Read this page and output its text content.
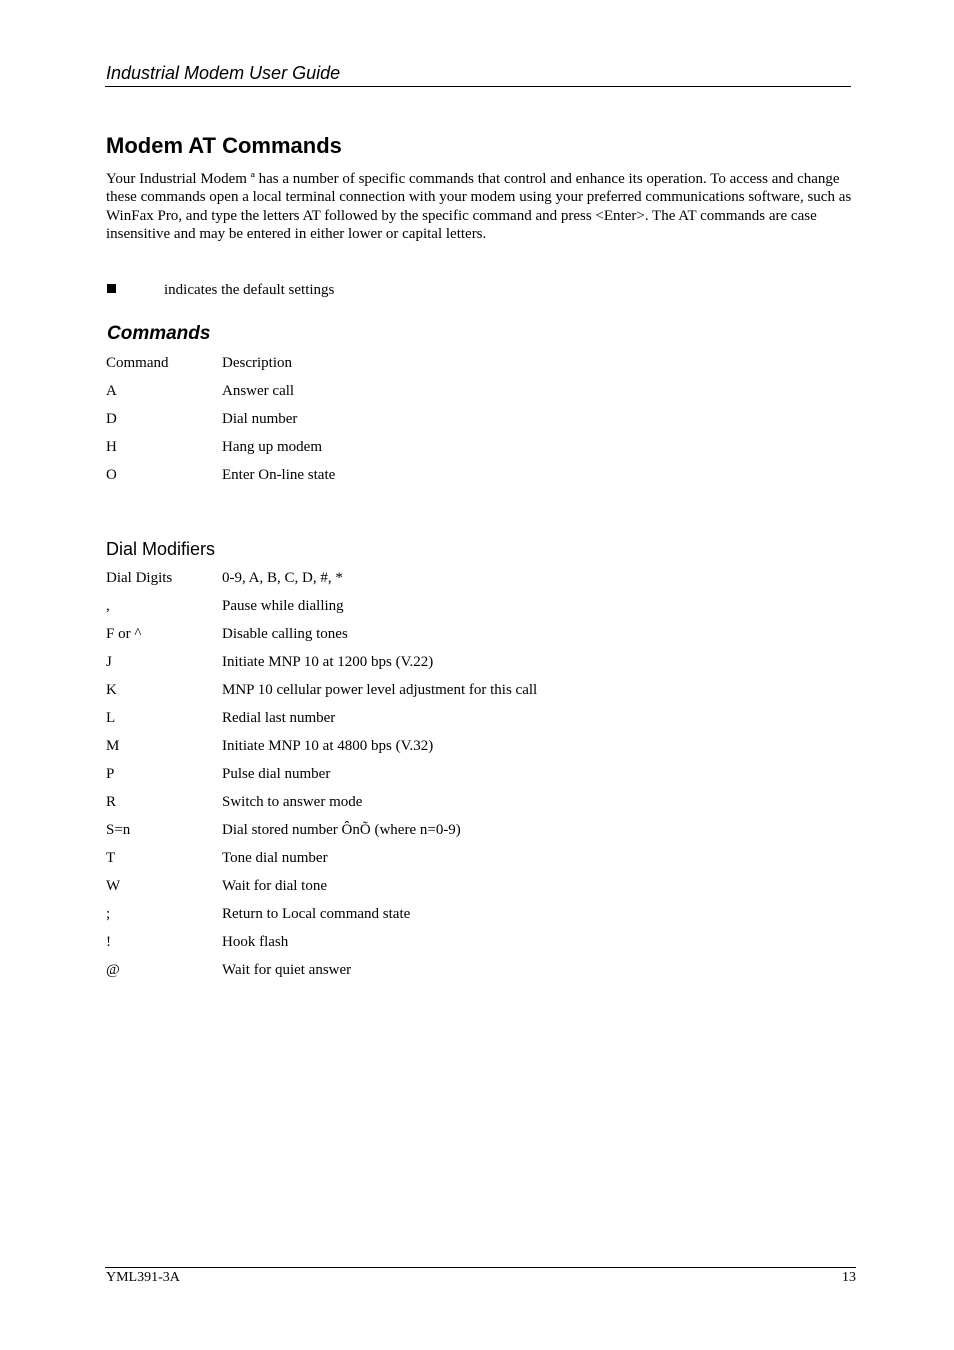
Industrial Modem User Guide
Modem AT Commands

Your Industrial Modem ª has a number of specific commands that control and enhance its operation. To access and change these commands open a local terminal connection with your modem using your preferred communications software, such as WinFax Pro, and type the letters AT followed by the specific command and press <Enter>. The AT commands are case insensitive and may be entered in either lower or capital letters.

indicates the default settings
Commands
Command	Description
A	Answer call
D	Dial number
H	Hang up modem
O	Enter On-line state
Dial Modifiers
Dial Digits	0-9, A, B, C, D, #, *
,	Pause while dialling
F or ^	Disable calling tones
J	Initiate MNP 10 at 1200 bps (V.22)
K	MNP 10 cellular power level adjustment for this call
L	Redial last number
M	Initiate MNP 10 at 4800 bps (V.32)
P	Pulse dial number
R	Switch to answer mode
S=n	Dial stored number ÔnÕ (where n=0-9)
T	Tone dial number
W	Wait for dial tone
;	Return to Local command state
!	Hook flash
@	Wait for quiet answer
YML391-3A	13
